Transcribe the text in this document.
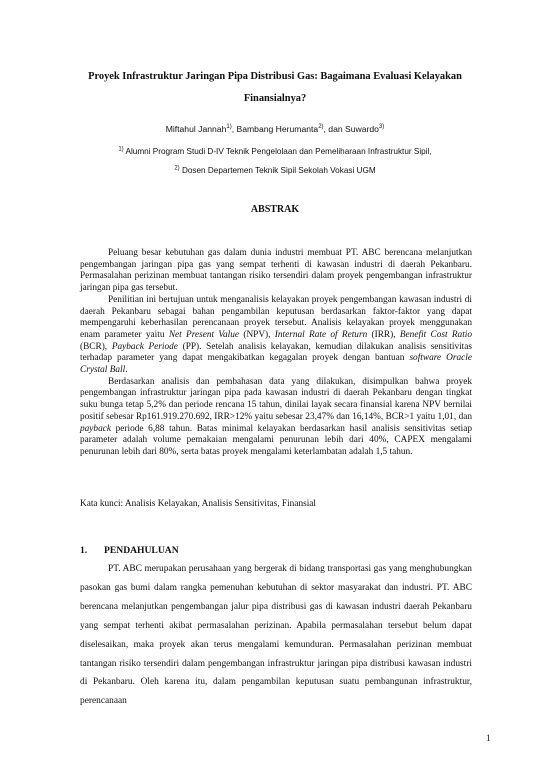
Proyek Infrastruktur Jaringan Pipa Distribusi Gas: Bagaimana Evaluasi Kelayakan
Finansialnya?
Miftahul Jannah$^{1)}$, Bambang Herumanta$^{2)}$, dan Suwardo$^{3)}$
$^{1)}$ Alumni Program Studi D-IV Teknik Pengelolaan dan Pemeliharaan Infrastruktur Sipil,
$^{2)}$ Dosen Departemen Teknik Sipil Sekolah Vokasi UGM
ABSTRAK

Peluang besar kebutuhan gas dalam dunia industri membuat PT. ABC berencana melanjutkan pengembangan jaringan pipa gas yang sempat terhenti di kawasan industri di daerah Pekanbaru. Permasalahan perizinan membuat tantangan risiko tersendiri dalam proyek pengembangan infrastruktur jaringan pipa gas tersebut.

Penilitian ini bertujuan untuk menganalisis kelayakan proyek pengembangan kawasan industri di daerah Pekanbaru sebagai bahan pengambilan keputusan berdasarkan faktor-faktor yang dapat mempengaruhi keberhasilan perencanaan proyek tersebut. Analisis kelayakan proyek menggunakan enam parameter yaitu Net Present Value (NPV), Internal Rate of Return (IRR), Benefit Cost Ratio (BCR), Payback Periode (PP). Setelah analisis kelayakan, kemudian dilakukan analisis sensitivitas terhadap parameter yang dapat mengakibatkan kegagalan proyek dengan bantuan software Oracle Crystal Ball.

Berdasarkan analisis dan pembahasan data yang dilakukan, disimpulkan bahwa proyek pengembangan infrastruktur jaringan pipa pada kawasan industri di daerah Pekanbaru dengan tingkat suku bunga tetap 5,2% dan periode rencana 15 tahun, dinilai layak secara finansial karena NPV bernilai positif sebesar Rp161.919.270.692, IRR>12% yaitu sebesar 23,47% dan 16,14%, BCR>1 yaitu 1,01, dan payback periode 6,88 tahun. Batas minimal kelayakan berdasarkan hasil analisis sensitivitas setiap parameter adalah volume pemakaian mengalami penurunan lebih dari 40%, CAPEX mengalami penurunan lebih dari 80%, serta batas proyek mengalami keterlambatan adalah 1,5 tahun.

Kata kunci: Analisis Kelayakan, Analisis Sensitivitas, Finansial
1. PENDAHULUAN

PT. ABC merupakan perusahaan yang bergerak di bidang transportasi gas yang menghubungkan pasokan gas bumi dalam rangka pemenuhan kebutuhan di sektor masyarakat dan industri. PT. ABC berencana melanjutkan pengembangan jalur pipa distribusi gas di kawasan industri daerah Pekanbaru yang sempat terhenti akibat permasalahan perizinan. Apabila permasalahan tersebut belum dapat diselesaikan, maka proyek akan terus mengalami kemunduran. Permasalahan perizinan membuat tantangan risiko tersendiri dalam pengembangan infrastruktur jaringan pipa distribusi kawasan industri di Pekanbaru. Oleh karena itu, dalam pengambilan keputusan suatu pembangunan infrastruktur, perencanaan

1
